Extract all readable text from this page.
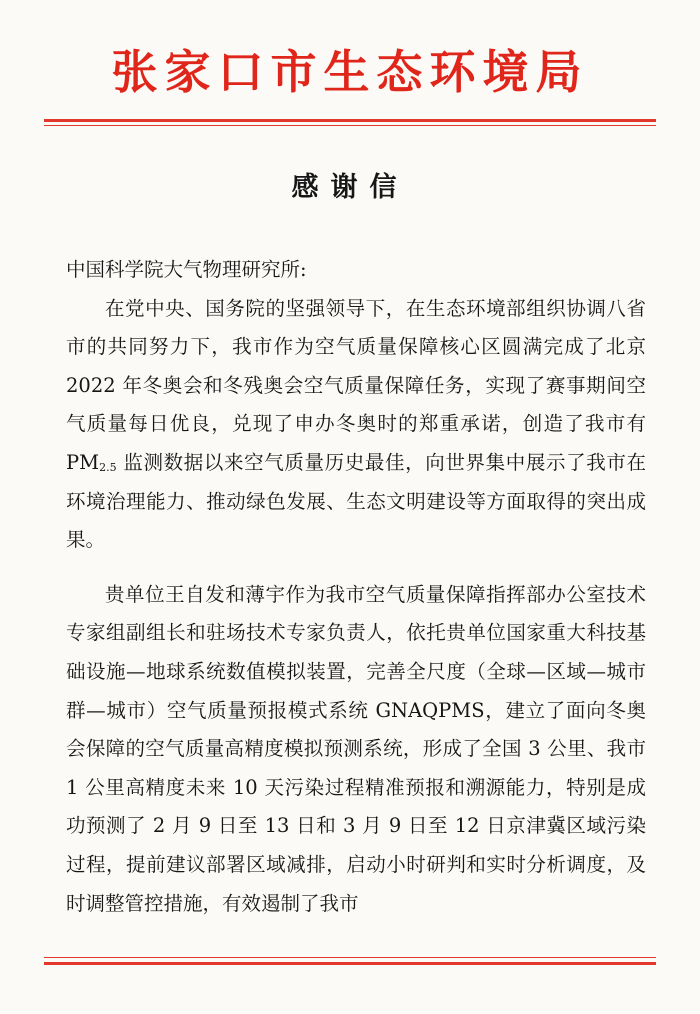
张家口市生态环境局
感谢信

中国科学院大气物理研究所:

在党中央、国务院的坚强领导下，在生态环境部组织协调八省市的共同努力下，我市作为空气质量保障核心区圆满完成了北京 2022 年冬奥会和冬残奥会空气质量保障任务，实现了赛事期间空气质量每日优良，兑现了申办冬奥时的郑重承诺，创造了我市有 $PM_{2.5}$ 监测数据以来空气质量历史最佳，向世界集中展示了我市在环境治理能力、推动绿色发展、生态文明建设等方面取得的突出成果。

贵单位王自发和薄宇作为我市空气质量保障指挥部办公室技术专家组副组长和驻场技术专家负责人，依托贵单位国家重大科技基础设施—地球系统数值模拟装置，完善全尺度（全球—区域—城市群—城市）空气质量预报模式系统 GNAQPMS，建立了面向冬奥会保障的空气质量高精度模拟预测系统，形成了全国 3 公里、我市 1 公里高精度未来 10 天污染过程精准预报和溯源能力，特别是成功预测了 2 月 9 日至 13 日和 3 月 9 日至 12 日京津冀区域污染过程，提前建议部署区域减排，启动小时研判和实时分析调度，及时调整管控措施，有效遏制了我市
